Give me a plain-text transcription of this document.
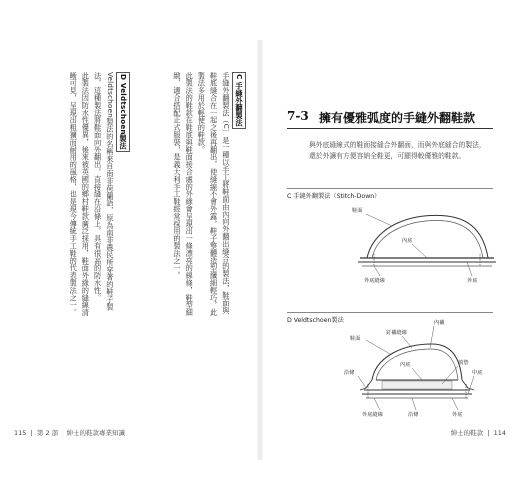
C 手縫外翻製法
手縫外翻製法（C〕是一種以手工將鞋面由內向外翻出縫合的製法，鞋面與鞋底縫合在一起之後再翻出，使縫線不會外露，鞋子整體造型纖細輕巧，此製法多用於輕便的鞋款。
此製法的鞋款在鞋底與鞋面接合處的外緣會呈現出一條漂亮的線條，鞋型細緻，適合搭配正式服裝，是義大利手工鞋經常採用的製法之一。
D Veldtschoen製法
Veldtschoen製法的名稱來自南非荷蘭語，原為南非農民所穿著的鞋子製法，這種製法將鞋面向外翻出，直接縫在沿條上，具有很高的防水性。
此製法因防水性優異，後來被英國的鄉村鞋款廣泛採用，鞋面外緣的縫線清晰可見，呈現出粗獷而耐用的風格，也是現今傳統手工鞋的代表製法之一。
115  |  第 2 部 紳士的鞋款專業知識
7-3 擁有優雅弧度的手縫外翻鞋款
與外底縫線式的鞋面接縫合外翻面，而與外底縫合的製法，還於外讓有方便容納全鞋更，可顯得較優雅的鞋款。
C 手縫外翻製法（Stitch-Down）
鞋面
內底
外底縫線	外底
D Veldtschoen製法	內襯
鞋面
釘襯縫線
內底	填墊
沿條	中底
外底縫線	沿條	外底
紳士的鞋款  |  114
